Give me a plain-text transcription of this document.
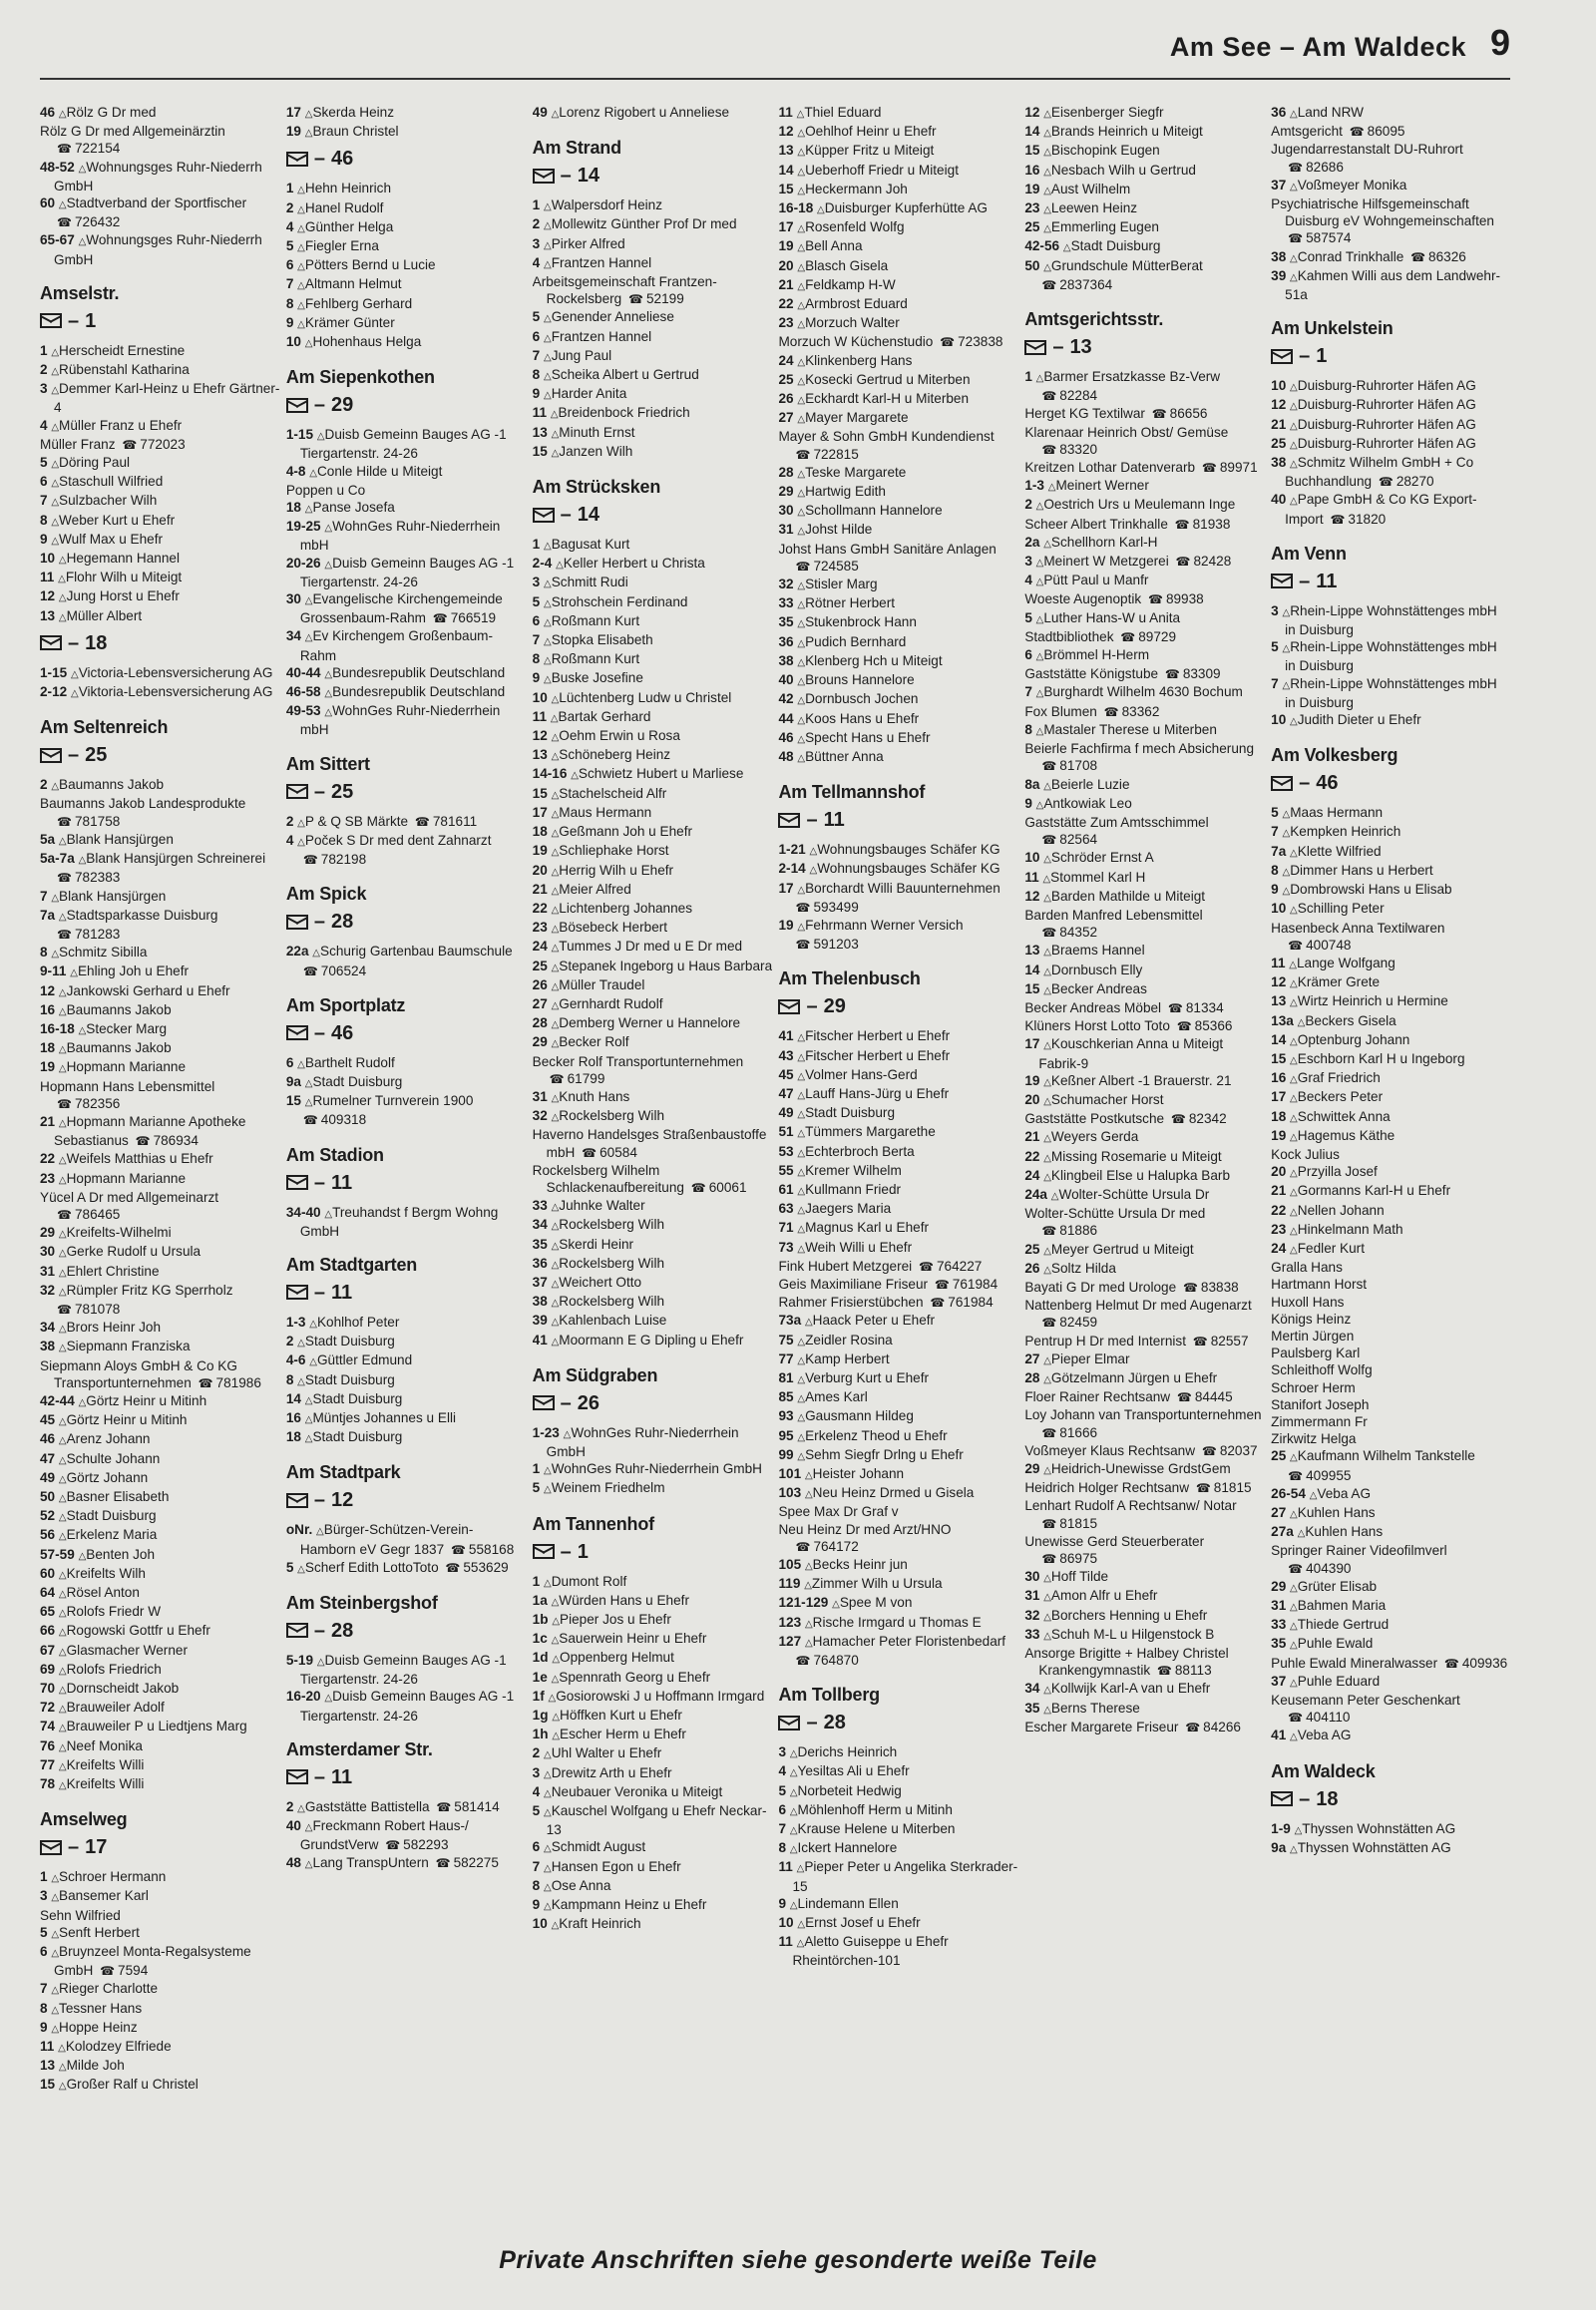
Am See – Am Waldeck 9
46 △Rölz G Dr med
Rölz G Dr med Allgemeinärztin ☎ 722154
48-52 △Wohnungsges Ruhr-Niederrh GmbH
60 △Stadtverband der Sportfischer ☎ 726432
65-67 △Wohnungsges Ruhr-Niederrh GmbH
Amselstr.
– 1
1 △Herscheidt Ernestine
2 △Rübenstahl Katharina
3 △Demmer Karl-Heinz u Ehefr Gärtner-4
4 △Müller Franz u Ehefr
Müller Franz ☎ 772023
5 △Döring Paul
6 △Staschull Wilfried
7 △Sulzbacher Wilh
8 △Weber Kurt u Ehefr
9 △Wulf Max u Ehefr
10 △Hegemann Hannel
11 △Flohr Wilh u Miteigt
12 △Jung Horst u Ehefr
13 △Müller Albert
– 18
1-15 △Victoria-Lebensversicherung AG
2-12 △Viktoria-Lebensversicherung AG
Am Seltenreich
– 25
2 △Baumanns Jakob
Baumanns Jakob Landesprodukte ☎ 781758
5a △Blank Hansjürgen
5a-7a △Blank Hansjürgen Schreinerei ☎ 782383
7 △Blank Hansjürgen
7a △Stadtsparkasse Duisburg ☎ 781283
8 △Schmitz Sibilla
9-11 △Ehling Joh u Ehefr
12 △Jankowski Gerhard u Ehefr
16 △Baumanns Jakob
16-18 △Stecker Marg
18 △Baumanns Jakob
19 △Hopmann Marianne
Hopmann Hans Lebensmittel ☎ 782356
21 △Hopmann Marianne Apotheke Sebastianus ☎ 786934
22 △Weifels Matthias u Ehefr
23 △Hopmann Marianne
Yücel A Dr med Allgemeinarzt ☎ 786465
29 △Kreifelts-Wilhelmi
30 △Gerke Rudolf u Ursula
31 △Ehlert Christine
32 △Rümpler Fritz KG Sperrholz ☎ 781078
34 △Brors Heinr Joh
38 △Siepmann Franziska
Siepmann Aloys GmbH & Co KG Transportunternehmen ☎ 781986
42-44 △Görtz Heinr u Mitinh
45 △Görtz Heinr u Mitinh
46 △Arenz Johann
47 △Schulte Johann
49 △Görtz Johann
50 △Basner Elisabeth
52 △Stadt Duisburg
56 △Erkelenz Maria
57-59 △Benten Joh
60 △Kreifelts Wilh
64 △Rösel Anton
65 △Rolofs Friedr W
66 △Rogowski Gottfr u Ehefr
67 △Glasmacher Werner
69 △Rolofs Friedrich
70 △Dornscheidt Jakob
72 △Brauweiler Adolf
74 △Brauweiler P u Liedtjens Marg
76 △Neef Monika
77 △Kreifelts Willi
78 △Kreifelts Willi
Amselweg
– 17
1 △Schroer Hermann
3 △Bansemer Karl
Sehn Wilfried
5 △Senft Herbert
6 △Bruynzeel Monta-Regalsysteme GmbH ☎ 7594
7 △Rieger Charlotte
8 △Tessner Hans
9 △Hoppe Heinz
11 △Kolodzey Elfriede
13 △Milde Joh
15 △Großer Ralf u Christel
17 △Skerda Heinz
19 △Braun Christel
– 46
1 △Hehn Heinrich
2 △Hanel Rudolf
4 △Günther Helga
5 △Fiegler Erna
6 △Pötters Bernd u Lucie
7 △Altmann Helmut
8 △Fehlberg Gerhard
9 △Krämer Günter
10 △Hohenhaus Helga
Am Siepenkothen
– 29
1-15 △Duisb Gemeinn Bauges AG -1 Tiergartenstr. 24-26
4-8 △Conle Hilde u Miteigt
Poppen u Co
18 △Panse Josefa
19-25 △WohnGes Ruhr-Niederrhein mbH
20-26 △Duisb Gemeinn Bauges AG -1 Tiergartenstr. 24-26
30 △Evangelische Kirchengemeinde Grossenbaum-Rahm ☎ 766519
34 △Ev Kirchengem Großenbaum-Rahm
40-44 △Bundesrepublik Deutschland
46-58 △Bundesrepublik Deutschland
49-53 △WohnGes Ruhr-Niederrhein mbH
Am Sittert
– 25
2 △P & Q SB Märkte ☎ 781611
4 △Poček S Dr med dent Zahnarzt ☎ 782198
Am Spick
– 28
22a △Schurig Gartenbau Baumschule ☎ 706524
Am Sportplatz
– 46
6 △Barthelt Rudolf
9a △Stadt Duisburg
15 △Rumelner Turnverein 1900 ☎ 409318
Am Stadion
– 11
34-40 △Treuhandst f Bergm Wohng GmbH
Am Stadtgarten
– 11
1-3 △Kohlhof Peter
2 △Stadt Duisburg
4-6 △Güttler Edmund
8 △Stadt Duisburg
14 △Stadt Duisburg
16 △Müntjes Johannes u Elli
18 △Stadt Duisburg
Am Stadtpark
– 12
oNr. △Bürger-Schützen-Verein-Hamborn eV Gegr 1837 ☎ 558168
5 △Scherf Edith LottoToto ☎ 553629
Am Steinbergshof
– 28
5-19 △Duisb Gemeinn Bauges AG -1 Tiergartenstr. 24-26
16-20 △Duisb Gemeinn Bauges AG -1 Tiergartenstr. 24-26
Amsterdamer Str.
– 11
2 △Gaststätte Battistella ☎ 581414
40 △Freckmann Robert Haus-/ GrundstVerw ☎ 582293
48 △Lang TranspUntern ☎ 582275
49 △Lorenz Rigobert u Anneliese
Am Strand
– 14
1 △Walpersdorf Heinz
2 △Mollewitz Günther Prof Dr med
3 △Pirker Alfred
4 △Frantzen Hannel
Arbeitsgemeinschaft Frantzen-Rockelsberg ☎ 52199
5 △Genender Anneliese
6 △Frantzen Hannel
7 △Jung Paul
8 △Scheika Albert u Gertrud
9 △Harder Anita
11 △Breidenbock Friedrich
13 △Minuth Ernst
15 △Janzen Wilh
Am Strücksken
– 14
1 △Bagusat Kurt
2-4 △Keller Herbert u Christa
3 △Schmitt Rudi
5 △Strohschein Ferdinand
6 △Roßmann Kurt
7 △Stopka Elisabeth
8 △Roßmann Kurt
9 △Buske Josefine
10 △Lüchtenberg Ludw u Christel
11 △Bartak Gerhard
12 △Oehm Erwin u Rosa
13 △Schöneberg Heinz
14-16 △Schwietz Hubert u Marliese
15 △Stachelscheid Alfr
17 △Maus Hermann
18 △Geßmann Joh u Ehefr
19 △Schliephake Horst
20 △Herrig Wilh u Ehefr
21 △Meier Alfred
22 △Lichtenberg Johannes
23 △Bösebeck Herbert
24 △Tummes J Dr med u E Dr med
25 △Stepanek Ingeborg u Haus Barbara
26 △Müller Traudel
27 △Gernhardt Rudolf
28 △Demberg Werner u Hannelore
29 △Becker Rolf
Becker Rolf Transportunternehmen ☎ 61799
31 △Knuth Hans
32 △Rockelsberg Wilh
Haverno Handelsges Straßenbaustoffe mbH ☎ 60584
Rockelsberg Wilhelm Schlackenaufbereitung ☎ 60061
33 △Juhnke Walter
34 △Rockelsberg Wilh
35 △Skerdi Heinr
36 △Rockelsberg Wilh
37 △Weichert Otto
38 △Rockelsberg Wilh
39 △Kahlenbach Luise
41 △Moormann E G Dipling u Ehefr
Am Südgraben
– 26
1-23 △WohnGes Ruhr-Niederrhein GmbH
1 △WohnGes Ruhr-Niederrhein GmbH
5 △Weinem Friedhelm
Am Tannenhof
– 1
1 △Dumont Rolf
1a △Würden Hans u Ehefr
1b △Pieper Jos u Ehefr
1c △Sauerwein Heinr u Ehefr
1d △Oppenberg Helmut
1e △Spennrath Georg u Ehefr
1f △Gosiorowski J u Hoffmann Irmgard
1g △Höffken Kurt u Ehefr
1h △Escher Herm u Ehefr
2 △Uhl Walter u Ehefr
3 △Drewitz Arth u Ehefr
4 △Neubauer Veronika u Miteigt
5 △Kauschel Wolfgang u Ehefr Neckar-13
6 △Schmidt August
7 △Hansen Egon u Ehefr
8 △Ose Anna
9 △Kampmann Heinz u Ehefr
10 △Kraft Heinrich
11 △Thiel Eduard
12 △Oehlhof Heinr u Ehefr
13 △Küpper Fritz u Miteigt
14 △Ueberhoff Friedr u Miteigt
15 △Heckermann Joh
16-18 △Duisburger Kupferhütte AG
17 △Rosenfeld Wolfg
19 △Bell Anna
20 △Blasch Gisela
21 △Feldkamp H-W
22 △Armbrost Eduard
23 △Morzuch Walter
Morzuch W Küchenstudio ☎ 723838
24 △Klinkenberg Hans
25 △Kosecki Gertrud u Miterben
26 △Eckhardt Karl-H u Miterben
27 △Mayer Margarete
Mayer & Sohn GmbH Kundendienst ☎ 722815
28 △Teske Margarete
29 △Hartwig Edith
30 △Schollmann Hannelore
31 △Johst Hilde
Johst Hans GmbH Sanitäre Anlagen ☎ 724585
32 △Stisler Marg
33 △Rötner Herbert
35 △Stukenbrock Hann
36 △Pudich Bernhard
38 △Klenberg Hch u Miteigt
40 △Brouns Hannelore
42 △Dornbusch Jochen
44 △Koos Hans u Ehefr
46 △Specht Hans u Ehefr
48 △Büttner Anna
Am Tellmannshof
– 11
1-21 △Wohnungsbauges Schäfer KG
2-14 △Wohnungsbauges Schäfer KG
17 △Borchardt Willi Bauunternehmen ☎ 593499
19 △Fehrmann Werner Versich ☎ 591203
Am Thelenbusch
– 29
41 △Fitscher Herbert u Ehefr
43 △Fitscher Herbert u Ehefr
45 △Volmer Hans-Gerd
47 △Lauff Hans-Jürg u Ehefr
49 △Stadt Duisburg
51 △Tümmers Margarethe
53 △Echterbroch Berta
55 △Kremer Wilhelm
61 △Kullmann Friedr
63 △Jaegers Maria
71 △Magnus Karl u Ehefr
73 △Weih Willi u Ehefr
Fink Hubert Metzgerei ☎ 764227
Geis Maximiliane Friseur ☎ 761984
Rahmer Frisierstübchen ☎ 761984
73a △Haack Peter u Ehefr
75 △Zeidler Rosina
77 △Kamp Herbert
81 △Verburg Kurt u Ehefr
85 △Ames Karl
93 △Gausmann Hildeg
95 △Erkelenz Theod u Ehefr
99 △Sehm Siegfr Drlng u Ehefr
101 △Heister Johann
103 △Neu Heinz Drmed u Gisela
Spee Max Dr Graf v
Neu Heinz Dr med Arzt/HNO ☎ 764172
105 △Becks Heinr jun
119 △Zimmer Wilh u Ursula
121-129 △Spee M von
123 △Rische Irmgard u Thomas E
127 △Hamacher Peter Floristenbedarf ☎ 764870
Am Tollberg
– 28
3 △Derichs Heinrich
4 △Yesiltas Ali u Ehefr
5 △Norbeteit Hedwig
6 △Möhlenhoff Herm u Mitinh
7 △Krause Helene u Miterben
8 △Ickert Hannelore
11 △Pieper Peter u Angelika Sterkrader-15
9 △Lindemann Ellen
10 △Ernst Josef u Ehefr
11 △Aletto Guiseppe u Ehefr Rheintörchen-101
12 △Eisenberger Siegfr
14 △Brands Heinrich u Miteigt
15 △Bischopink Eugen
16 △Nesbach Wilh u Gertrud
19 △Aust Wilhelm
23 △Leewen Heinz
25 △Emmerling Eugen
42-56 △Stadt Duisburg
50 △Grundschule MütterBerat ☎ 2837364
Amtsgerichtsstr.
– 13
1 △Barmer Ersatzkasse Bz-Verw ☎ 82284
Herget KG Textilwar ☎ 86656
Klarenaar Heinrich Obst/ Gemüse ☎ 83320
Kreitzen Lothar Datenverarb ☎ 89971
1-3 △Meinert Werner
2 △Oestrich Urs u Meulemann Inge
Scheer Albert Trinkhalle ☎ 81938
2a △Schellhorn Karl-H
3 △Meinert W Metzgerei ☎ 82428
4 △Pütt Paul u Manfr
Woeste Augenoptik ☎ 89938
5 △Luther Hans-W u Anita
Stadtbibliothek ☎ 89729
6 △Brömmel H-Herm
Gaststätte Königstube ☎ 83309
7 △Burghardt Wilhelm 4630 Bochum
Fox Blumen ☎ 83362
8 △Mastaler Therese u Miterben
Beierle Fachfirma f mech Absicherung ☎ 81708
8a △Beierle Luzie
9 △Antkowiak Leo
Gaststätte Zum Amtsschimmel ☎ 82564
10 △Schröder Ernst A
11 △Stommel Karl H
12 △Barden Mathilde u Miteigt
Barden Manfred Lebensmittel ☎ 84352
13 △Braems Hannel
14 △Dornbusch Elly
15 △Becker Andreas
Becker Andreas Möbel ☎ 81334
Klüners Horst Lotto Toto ☎ 85366
17 △Kouschkerian Anna u Miteigt Fabrik-9
19 △Keßner Albert -1 Brauerstr. 21
20 △Schumacher Horst
Gaststätte Postkutsche ☎ 82342
21 △Weyers Gerda
22 △Missing Rosemarie u Miteigt
24 △Klingbeil Else u Halupka Barb
24a △Wolter-Schütte Ursula Dr
Wolter-Schütte Ursula Dr med ☎ 81886
25 △Meyer Gertrud u Miteigt
26 △Soltz Hilda
Bayati G Dr med Urologe ☎ 83838
Nattenberg Helmut Dr med Augenarzt ☎ 82459
Pentrup H Dr med Internist ☎ 82557
27 △Pieper Elmar
28 △Götzelmann Jürgen u Ehefr
Floer Rainer Rechtsanw ☎ 84445
Loy Johann van Transportunternehmen ☎ 81666
Voßmeyer Klaus Rechtsanw ☎ 82037
29 △Heidrich-Unewisse GrdstGem
Heidrich Holger Rechtsanw ☎ 81815
Lenhart Rudolf A Rechtsanw/ Notar ☎ 81815
Unewisse Gerd Steuerberater ☎ 86975
30 △Hoff Tilde
31 △Amon Alfr u Ehefr
32 △Borchers Henning u Ehefr
33 △Schuh M-L u Hilgenstock B
Ansorge Brigitte + Halbey Christel Krankengymnastik ☎ 88113
34 △Kollwijk Karl-A van u Ehefr
35 △Berns Therese
Escher Margarete Friseur ☎ 84266
36 △Land NRW
Amtsgericht ☎ 86095
Jugendarrestanstalt DU-Ruhrort ☎ 82686
37 △Voßmeyer Monika
Psychiatrische Hilfsgemeinschaft Duisburg eV Wohngemeinschaften ☎ 587574
38 △Conrad Trinkhalle ☎ 86326
39 △Kahmen Willi aus dem Landwehr-51a
Am Unkelstein
– 1
10 △Duisburg-Ruhrorter Häfen AG
12 △Duisburg-Ruhrorter Häfen AG
21 △Duisburg-Ruhrorter Häfen AG
25 △Duisburg-Ruhrorter Häfen AG
38 △Schmitz Wilhelm GmbH + Co Buchhandlung ☎ 28270
40 △Pape GmbH & Co KG Export-Import ☎ 31820
Am Venn
– 11
3 △Rhein-Lippe Wohnstättenges mbH in Duisburg
5 △Rhein-Lippe Wohnstättenges mbH in Duisburg
7 △Rhein-Lippe Wohnstättenges mbH in Duisburg
10 △Judith Dieter u Ehefr
Am Volkesberg
– 46
5 △Maas Hermann
7 △Kempken Heinrich
7a △Klette Wilfried
8 △Dimmer Hans u Herbert
9 △Dombrowski Hans u Elisab
10 △Schilling Peter
Hasenbeck Anna Textilwaren ☎ 400748
11 △Lange Wolfgang
12 △Krämer Grete
13 △Wirtz Heinrich u Hermine
13a △Beckers Gisela
14 △Optenburg Johann
15 △Eschborn Karl H u Ingeborg
16 △Graf Friedrich
17 △Beckers Peter
18 △Schwittek Anna
19 △Hagemus Käthe
Kock Julius
20 △Przyilla Josef
21 △Gormanns Karl-H u Ehefr
22 △Nellen Johann
23 △Hinkelmann Math
24 △Fedler Kurt
Gralla Hans
Hartmann Horst
Huxoll Hans
Königs Heinz
Mertin Jürgen
Paulsberg Karl
Schleithoff Wolfg
Schroer Herm
Stanifort Joseph
Zimmermann Fr
Zirkwitz Helga
25 △Kaufmann Wilhelm Tankstelle ☎ 409955
26-54 △Veba AG
27 △Kuhlen Hans
27a △Kuhlen Hans
Springer Rainer Videofilmverl ☎ 404390
29 △Grüter Elisab
31 △Bahmen Maria
33 △Thiede Gertrud
35 △Puhle Ewald
Puhle Ewald Mineralwasser ☎ 409936
37 △Puhle Eduard
Keusemann Peter Geschenkart ☎ 404110
41 △Veba AG
Am Waldeck
– 18
1-9 △Thyssen Wohnstätten AG
9a △Thyssen Wohnstätten AG
Private Anschriften siehe gesonderte weiße Teile
